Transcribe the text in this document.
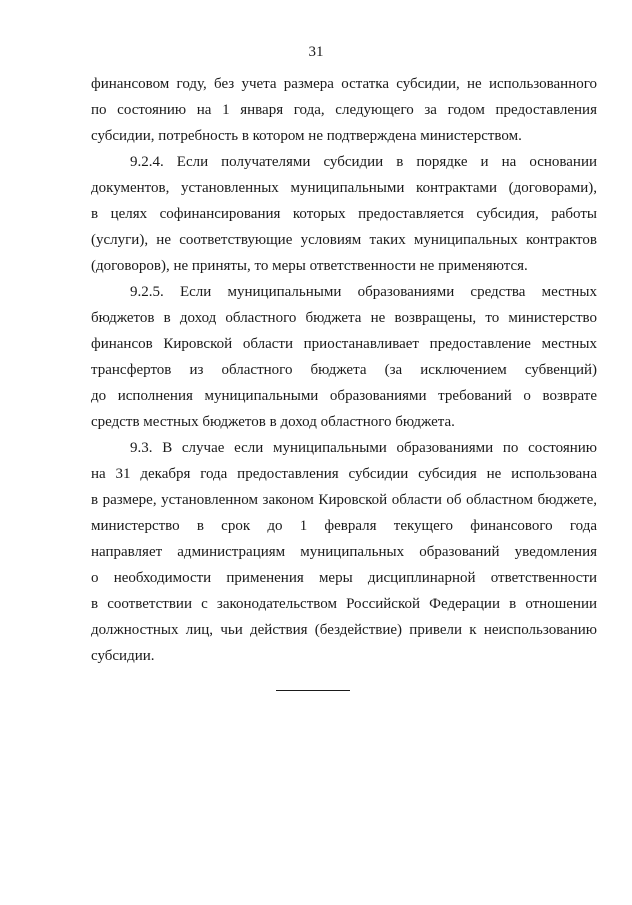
31
финансовом году, без учета размера остатка субсидии, не использованного
по состоянию на 1 января года, следующего за годом предоставления
субсидии, потребность в котором не подтверждена министерством.
9.2.4. Если получателями субсидии в порядке и на основании
документов, установленных муниципальными контрактами (договорами),
в целях софинансирования которых предоставляется субсидия, работы
(услуги), не соответствующие условиям таких муниципальных контрактов
(договоров), не приняты, то меры ответственности не применяются.
9.2.5. Если муниципальными образованиями средства местных
бюджетов в доход областного бюджета не возвращены, то министерство
финансов Кировской области приостанавливает предоставление местных
трансфертов из областного бюджета (за исключением субвенций)
до исполнения муниципальными образованиями требований о возврате
средств местных бюджетов в доход областного бюджета.
9.3. В случае если муниципальными образованиями по состоянию
на 31 декабря года предоставления субсидии субсидия не использована
в размере, установленном законом Кировской области об областном бюджете,
министерство в срок до 1 февраля текущего финансового года
направляет администрациям муниципальных образований уведомления
о необходимости применения меры дисциплинарной ответственности
в соответствии с законодательством Российской Федерации в отношении
должностных лиц, чьи действия (бездействие) привели к неиспользованию
субсидии.
